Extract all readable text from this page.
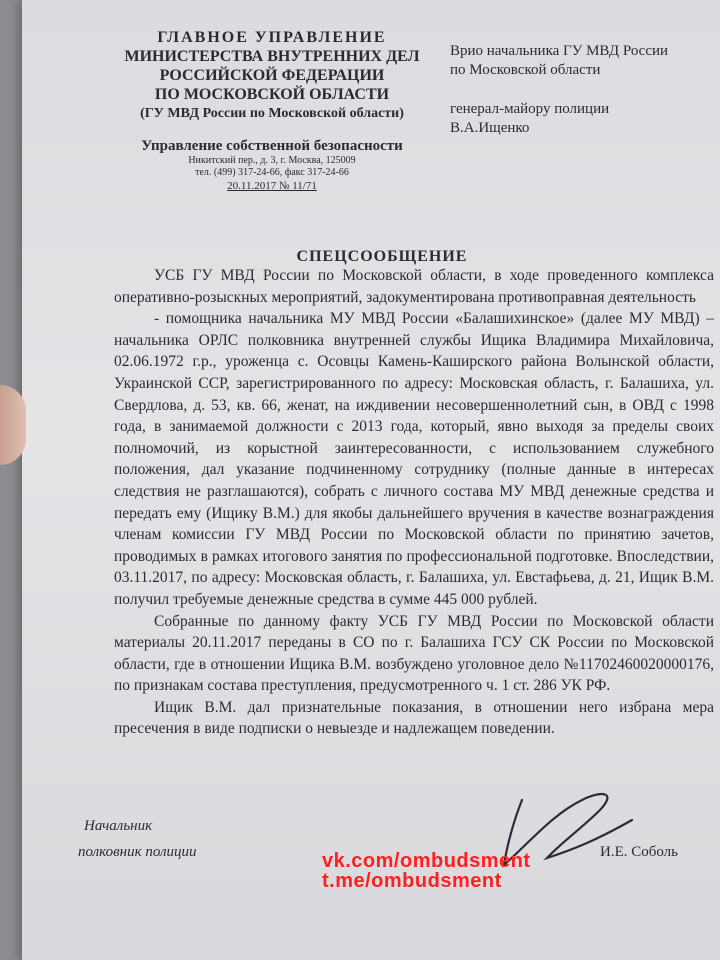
ГЛАВНОЕ УПРАВЛЕНИЕ
МИНИСТЕРСТВА ВНУТРЕННИХ ДЕЛ
РОССИЙСКОЙ ФЕДЕРАЦИИ
ПО МОСКОВСКОЙ ОБЛАСТИ
(ГУ МВД России по Московской области)
Управление собственной безопасности
Никитский пер., д. 3, г. Москва, 125009
тел. (499) 317-24-66, факс 317-24-66
20.11.2017 № 11/71
Врио начальника ГУ МВД России
по Московской области
генерал-майору полиции
В.А.Ищенко
СПЕЦСООБЩЕНИЕ

УСБ ГУ МВД России по Московской области, в ходе проведенного комплекса оперативно-розыскных мероприятий, задокументирована противоправная деятельность

- помощника начальника МУ МВД России «Балашихинское» (далее МУ МВД) – начальника ОРЛС полковника внутренней службы Ищика Владимира Михайловича, 02.06.1972 г.р., уроженца с. Осовцы Камень-Каширского района Волынской области, Украинской ССР, зарегистрированного по адресу: Московская область, г. Балашиха, ул. Свердлова, д. 53, кв. 66, женат, на иждивении несовершеннолетний сын, в ОВД с 1998 года, в занимаемой должности с 2013 года, который, явно выходя за пределы своих полномочий, из корыстной заинтересованности, с использованием служебного положения, дал указание подчиненному сотруднику (полные данные в интересах следствия не разглашаются), собрать с личного состава МУ МВД денежные средства и передать ему (Ищику В.М.) для якобы дальнейшего вручения в качестве вознаграждения членам комиссии ГУ МВД России по Московской области по принятию зачетов, проводимых в рамках итогового занятия по профессиональной подготовке. Впоследствии, 03.11.2017, по адресу: Московская область, г. Балашиха, ул. Евстафьева, д. 21, Ищик В.М. получил требуемые денежные средства в сумме 445 000 рублей.

Собранные по данному факту УСБ ГУ МВД России по Московской области материалы 20.11.2017 переданы в СО по г. Балашиха ГСУ СК России по Московской области, где в отношении Ищика В.М. возбуждено уголовное дело №11702460020000176, по признакам состава преступления, предусмотренного ч. 1 ст. 286 УК РФ.

Ищик В.М. дал признательные показания, в отношении него избрана мера пресечения в виде подписки о невыезде и надлежащем поведении.

Начальник
полковник полиции	И.Е. Соболь
vk.com/ombudsment
t.me/ombudsment
